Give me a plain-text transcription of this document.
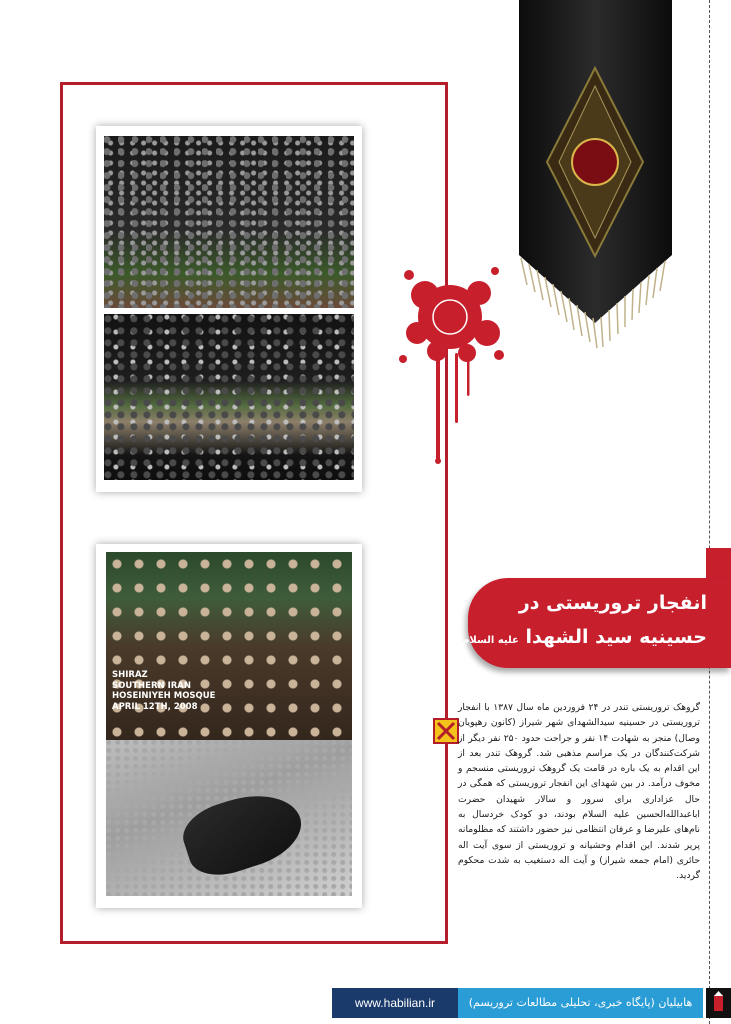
SHIRAZ
SOUTHERN IRAN
HOSEINIYEH MOSQUE
APRIL 12TH, 2008
انفجار تروریستی در
حسینیه سید الشهدا علیه السلام
گروهک تروریستی تندر در ۲۴ فروردین ماه سال ۱۳۸۷ با انفجار تروریستی در حسینیه سیدالشهدای شهر شیراز (کانون رهپویان وصال) منجر به شهادت ۱۴ نفر و جراحت حدود ۲۵۰ نفر دیگر از شرکت‌کنندگان در یک مراسم مذهبی شد. گروهک تندر بعد از این اقدام به یک باره در قامت یک گروهک تروریستی منسجم و مخوف درآمد. در بین شهدای این انفجار تروریستی که همگی در حال عزاداری برای سرور و سالار شهیدان حضرت اباعبدالله‌الحسین علیه السلام بودند، دو کودک خردسال به نام‌های علیرضا و عرفان انتظامی نیز حضور داشتند که مظلومانه پرپر شدند. این اقدام وحشیانه و تروریستی از سوی آیت اله حائری (امام جمعه شیراز) و آیت اله دستغیب به شدت محکوم گردید.
www.habilian.ir	هابیلیان (پایگاه خبری، تحلیلی مطالعات تروریسم)
